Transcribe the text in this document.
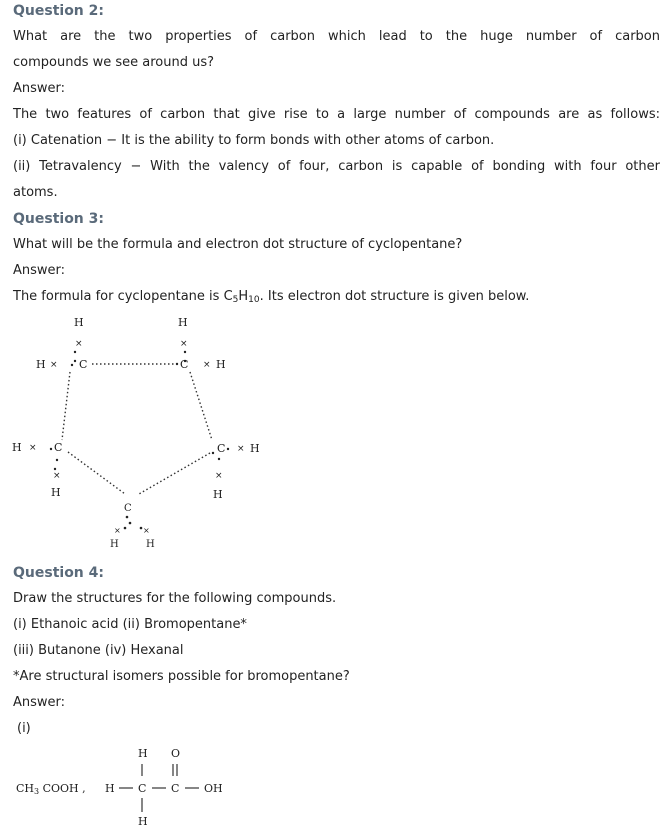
Question 2:
What are the two properties of carbon which lead to the huge number of carbon
compounds we see around us?
Answer:
The two features of carbon that give rise to a large number of compounds are as follows:
(i) Catenation − It is the ability to form bonds with other atoms of carbon.
(ii) Tetravalency − With the valency of four, carbon is capable of bonding with four other
atoms.
Question 3:
What will be the formula and electron dot structure of cyclopentane?
Answer:
The formula for cyclopentane is $C_5H_{10}$. Its electron dot structure is given below.
H	H
×	×
H × C	C × H
H × C
×
H
C × H
×
H
C
×	×
H	H
Question 4:
Draw the structures for the following compounds.
(i) Ethanoic acid (ii) Bromopentane*
(iii) Butanone (iv) Hexanal
*Are structural isomers possible for bromopentane?
Answer:
(i)
CH3 COOH ,
H O
H C C OH
H
